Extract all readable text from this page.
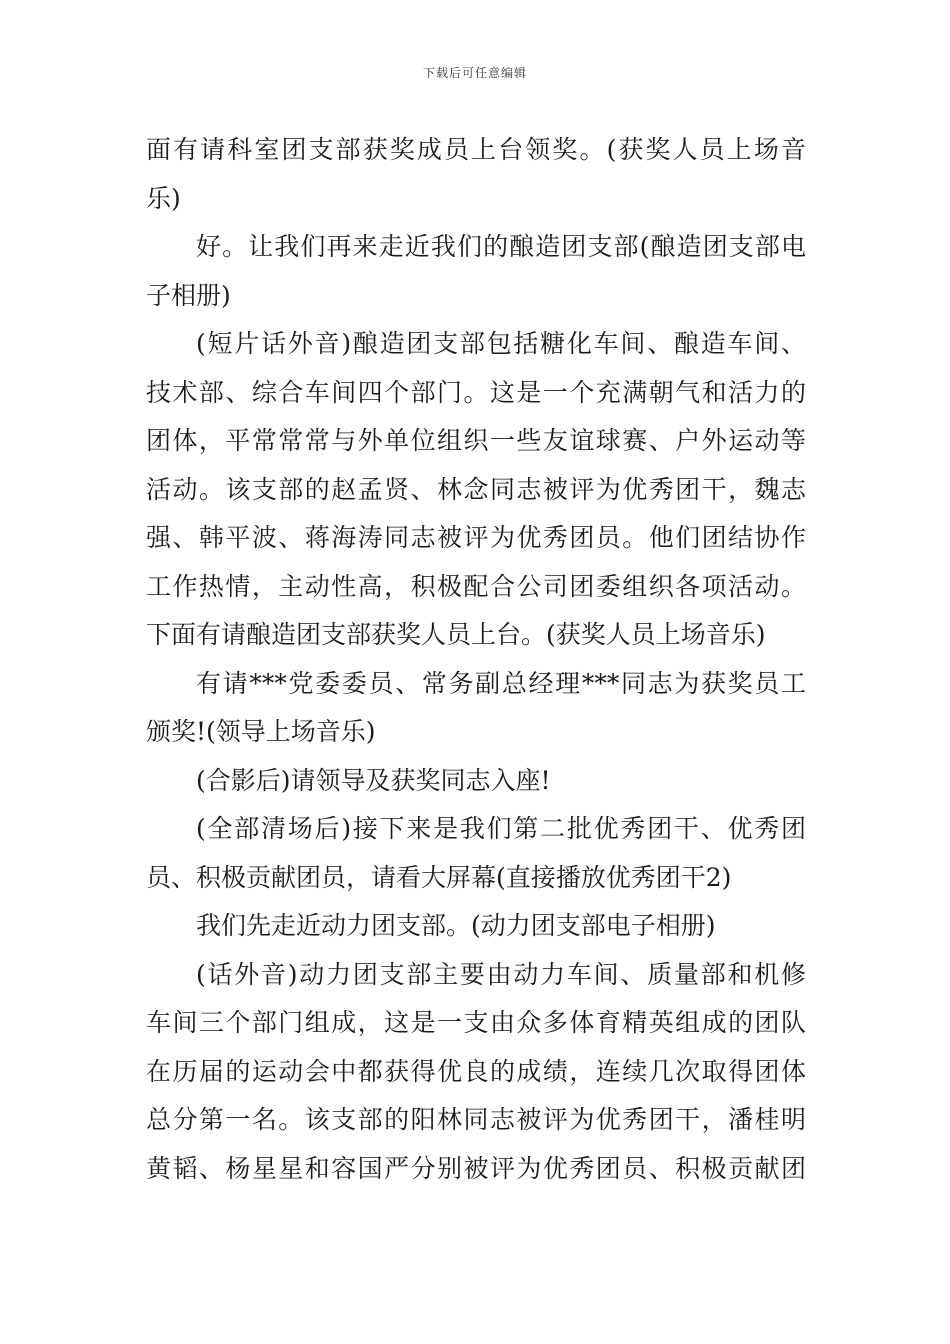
下载后可任意编辑
面有请科室团支部获奖成员上台领奖。(获奖人员上场音
乐)
好。让我们再来走近我们的酿造团支部(酿造团支部电
子相册)
(短片话外音)酿造团支部包括糖化车间、酿造车间、
技术部、综合车间四个部门。这是一个充满朝气和活力的
团体，平常常常与外单位组织一些友谊球赛、户外运动等
活动。该支部的赵孟贤、林念同志被评为优秀团干，魏志
强、韩平波、蒋海涛同志被评为优秀团员。他们团结协作
工作热情，主动性高，积极配合公司团委组织各项活动。
下面有请酿造团支部获奖人员上台。(获奖人员上场音乐)
有请***党委委员、常务副总经理***同志为获奖员工
颁奖!(领导上场音乐)
(合影后)请领导及获奖同志入座!
(全部清场后)接下来是我们第二批优秀团干、优秀团
员、积极贡献团员，请看大屏幕(直接播放优秀团干2)
我们先走近动力团支部。(动力团支部电子相册)
(话外音)动力团支部主要由动力车间、质量部和机修
车间三个部门组成，这是一支由众多体育精英组成的团队
在历届的运动会中都获得优良的成绩，连续几次取得团体
总分第一名。该支部的阳林同志被评为优秀团干，潘桂明
黄韬、杨星星和容国严分别被评为优秀团员、积极贡献团
